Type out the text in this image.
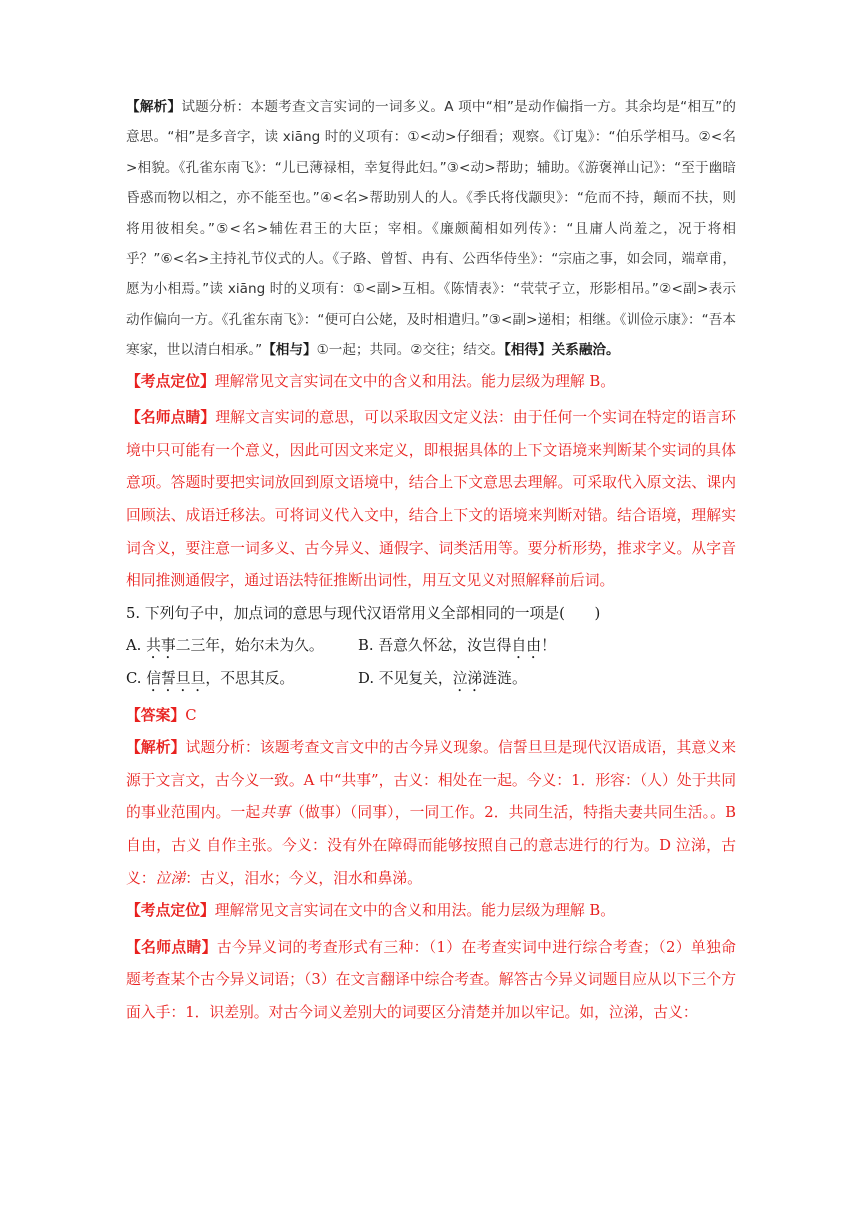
【解析】试题分析：本题考查文言实词的一词多义。A 项中“相”是动作偏指一方。其余均是“相互”的意思。“相”是多音字，读 xiāng 时的义项有：①<动>仔细看；观察。《订鬼》：“伯乐学相马。②<名>相貌。《孔雀东南飞》：“儿已薄禄相，幸复得此妇。”③<动>帮助；辅助。《游褒禅山记》：“至于幽暗昏惑而物以相之，亦不能至也。”④<名>帮助别人的人。《季氏将伐颛臾》：“危而不持，颠而不扶，则将用彼相矣。”⑤<名>辅佐君王的大臣；宰相。《廉颇蔺相如列传》：“且庸人尚羞之，况于将相乎？”⑥<名>主持礼节仪式的人。《子路、曾皙、冉有、公西华侍坐》：“宗庙之事，如会同，端章甫，愿为小相焉。”读 xiāng 时的义项有：①<副>互相。《陈情表》：“茕茕孑立，形影相吊。”②<副>表示动作偏向一方。《孔雀东南飞》：“便可白公姥，及时相遣归。”③<副>递相；相继。《训俭示康》：“吾本寒家，世以清白相承。”【相与】①一起；共同。②交往；结交。【相得】关系融洽。

【考点定位】理解常见文言实词在文中的含义和用法。能力层级为理解 B。

【名师点睛】理解文言实词的意思，可以采取因文定义法：由于任何一个实词在特定的语言环境中只可能有一个意义，因此可因文来定义，即根据具体的上下文语境来判断某个实词的具体意项。答题时要把实词放回到原文语境中，结合上下文意思去理解。可采取代入原文法、课内回顾法、成语迁移法。可将词义代入文中，结合上下文的语境来判断对错。结合语境，理解实词含义，要注意一词多义、古今异义、通假字、词类活用等。要分析形势，推求字义。从字音相同推测通假字，通过语法特征推断出词性，用互文见义对照解释前后词。

5. 下列句子中，加点词的意思与现代汉语常用义全部相同的一项是(　　)

A. 共事二三年，始尔未为久。	B. 吾意久怀忿，汝岂得自由！

C. 信誓旦旦，不思其反。	D. 不见复关，泣涕涟涟。

【答案】C

【解析】试题分析：该题考查文言文中的古今异义现象。信誓旦旦是现代汉语成语，其意义来源于文言文，古今义一致。A 中“共事”，古义：相处在一起。今义：1．形容：（人）处于共同的事业范围内。一起共事（做事）（同事），一同工作。2．共同生活，特指夫妻共同生活。。B 自由，古义 自作主张。今义：没有外在障碍而能够按照自己的意志进行的行为。D 泣涕，古义：泣涕：古义，泪水；今义，泪水和鼻涕。

【考点定位】理解常见文言实词在文中的含义和用法。能力层级为理解 B。

【名师点睛】古今异义词的考查形式有三种：（1）在考查实词中进行综合考查；（2）单独命题考查某个古今异义词语；（3）在文言翻译中综合考查。解答古今异义词题目应从以下三个方面入手：1．识差别。对古今词义差别大的词要区分清楚并加以牢记。如，泣涕，古义：
